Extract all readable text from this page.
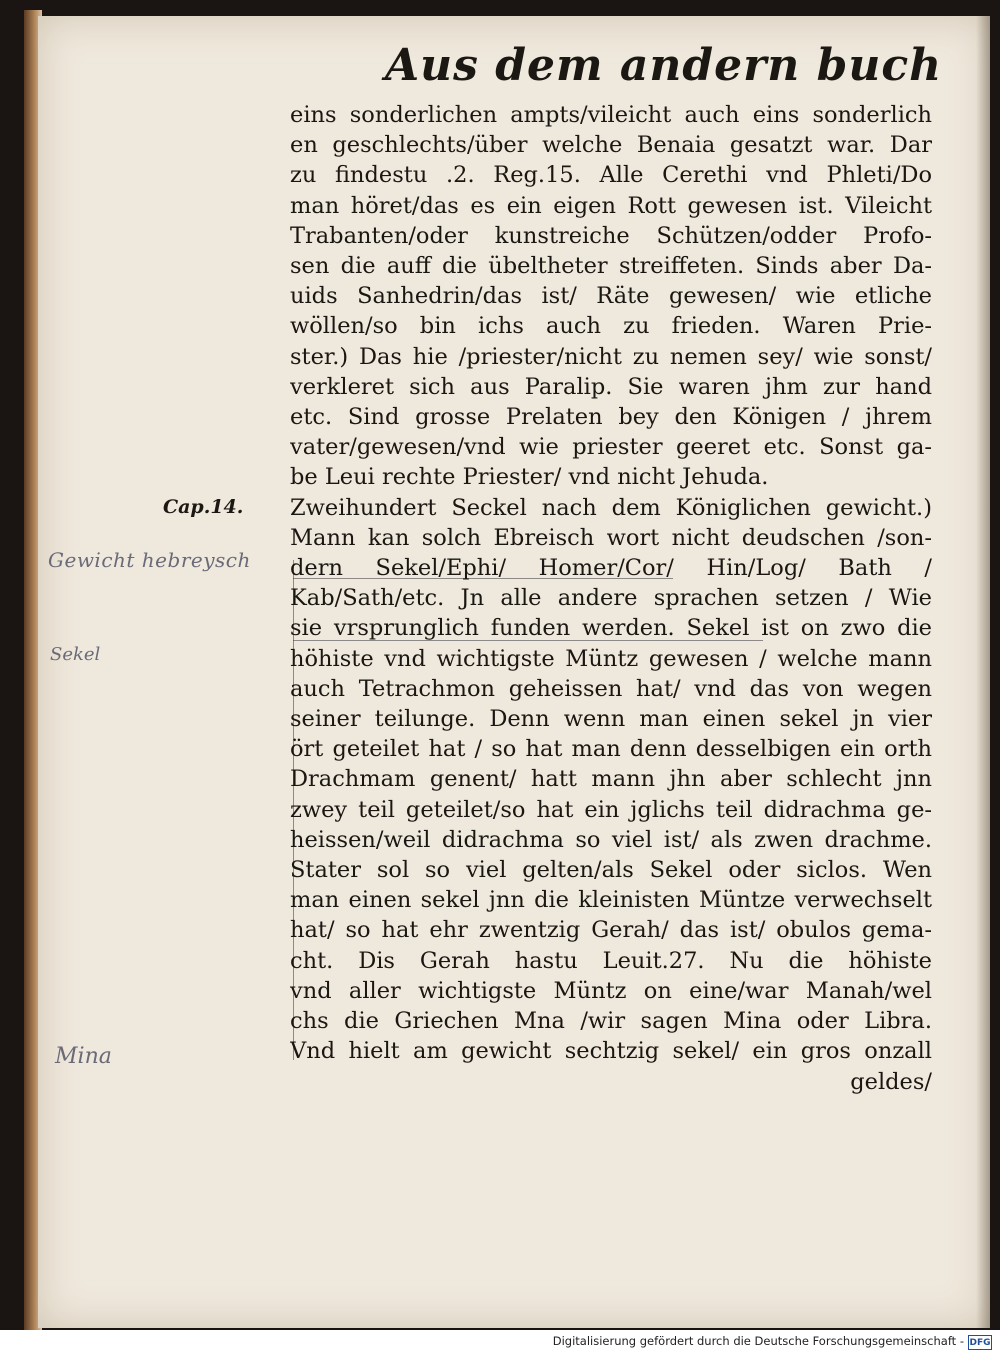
Aus dem andern buch
Cap.14.
Gewicht hebreysch
Sekel
Mina
eins sonderlichen ampts/vileicht auch eins sonderlich
en geschlechts/über welche Benaia gesatzt war. Dar
zu findestu .2. Reg.15. Alle Cerethi vnd Phleti/Do
man höret/das es ein eigen Rott gewesen ist. Vileicht
Trabanten/oder kunstreiche Schützen/odder Profo-
sen die auff die übeltheter streiffeten. Sinds aber Da-
uids Sanhedrin/das ist/ Räte gewesen/ wie etliche
wöllen/so bin ichs auch zu frieden. Waren Prie-
ster.) Das hie /priester/nicht zu nemen sey/ wie sonst/
verkleret sich aus Paralip. Sie waren jhm zur hand
etc. Sind grosse Prelaten bey den Königen / jhrem
vater/gewesen/vnd wie priester geeret etc. Sonst ga-
be Leui rechte Priester/ vnd nicht Jehuda.
Zweihundert Seckel nach dem Königlichen gewicht.)
Mann kan solch Ebreisch wort nicht deudschen /son-
dern Sekel/Ephi/ Homer/Cor/ Hin/Log/ Bath /
Kab/Sath/etc. Jn alle andere sprachen setzen / Wie
sie vrsprunglich funden werden. Sekel ist on zwo die
höhiste vnd wichtigste Müntz gewesen / welche mann
auch Tetrachmon geheissen hat/ vnd das von wegen
seiner teilunge. Denn wenn man einen sekel jn vier
ört geteilet hat / so hat man denn desselbigen ein orth
Drachmam genent/ hatt mann jhn aber schlecht jnn
zwey teil geteilet/so hat ein jglichs teil didrachma ge-
heissen/weil didrachma so viel ist/ als zwen drachme.
Stater sol so viel gelten/als Sekel oder siclos. Wen
man einen sekel jnn die kleinisten Müntze verwechselt
hat/ so hat ehr zwentzig Gerah/ das ist/ obulos gema-
cht. Dis Gerah hastu Leuit.27. Nu die höhiste
vnd aller wichtigste Müntz on eine/war Manah/wel
chs die Griechen Mna /wir sagen Mina oder Libra.
Vnd hielt am gewicht sechtzig sekel/ ein gros onzall
geldes/
Digitalisierung gefördert durch die Deutsche Forschungsgemeinschaft - DFG
